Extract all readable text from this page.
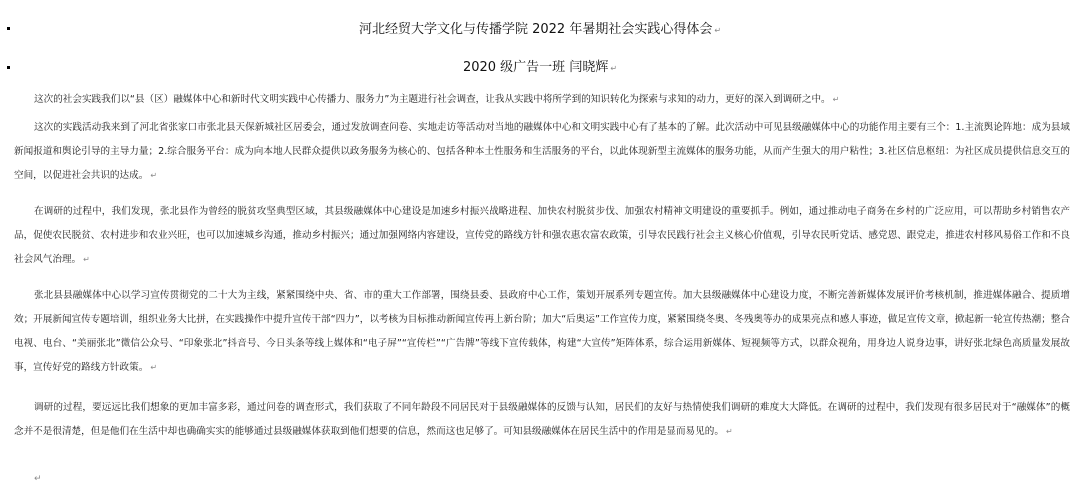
河北经贸大学文化与传播学院 2022 年暑期社会实践心得体会 ↵
2020 级广告一班 闫晓辉 ↵
这次的社会实践我们以“县（区）融媒体中心和新时代文明实践中心传播力、服务力”为主题进行社会调查，让我从实践中将所学到的知识转化为探索与求知的动力，更好的深入到调研之中。 ↵
这次的实践活动我来到了河北省张家口市张北县天保新城社区居委会，通过发放调查问卷、实地走访等活动对当地的融媒体中心和文明实践中心有了基本的了解。此次活动中可见县级融媒体中心的功能作用主要有三个：1.主流舆论阵地：成为县域新闻报道和舆论引导的主导力量；2.综合服务平台：成为向本地人民群众提供以政务服务为核心的、包括各种本土性服务和生活服务的平台，以此体现新型主流媒体的服务功能，从而产生强大的用户粘性；3.社区信息枢纽：为社区成员提供信息交互的空间，以促进社会共识的达成。 ↵
在调研的过程中，我们发现，张北县作为曾经的脱贫攻坚典型区域，其县级融媒体中心建设是加速乡村振兴战略进程、加快农村脱贫步伐、加强农村精神文明建设的重要抓手。例如，通过推动电子商务在乡村的广泛应用，可以帮助乡村销售农产品，促使农民脱贫、农村进步和农业兴旺，也可以加速城乡沟通，推动乡村振兴；通过加强网络内容建设，宣传党的路线方针和强农惠农富农政策，引导农民践行社会主义核心价值观，引导农民听党话、感党恩、跟党走，推进农村移风易俗工作和不良社会风气治理。 ↵
张北县县融媒体中心以学习宣传贯彻党的二十大为主线，紧紧围绕中央、省、市的重大工作部署，围绕县委、县政府中心工作，策划开展系列专题宣传。加大县级融媒体中心建设力度，不断完善新媒体发展评价考核机制，推进媒体融合、提质增效；开展新闻宣传专题培训，组织业务大比拼，在实践操作中提升宣传干部“四力”，以考核为目标推动新闻宣传再上新台阶；加大“后奥运”工作宣传力度，紧紧围绕冬奥、冬残奥等办的成果亮点和感人事迹，做足宣传文章，掀起新一轮宣传热潮；整合电视、电台、“美丽张北”微信公众号、“印象张北”抖音号、今日头条等线上媒体和“电子屏”“宣传栏”“广告牌”等线下宣传载体，构建“大宣传”矩阵体系，综合运用新媒体、短视频等方式，以群众视角，用身边人说身边事，讲好张北绿色高质量发展故事，宣传好党的路线方针政策。 ↵
调研的过程，要远远比我们想象的更加丰富多彩，通过问卷的调查形式，我们获取了不同年龄段不同居民对于县级融媒体的反馈与认知，居民们的友好与热情使我们调研的难度大大降低。在调研的过程中，我们发现有很多居民对于“融媒体”的概念并不是很清楚，但是他们在生活中却也确确实实的能够通过县级融媒体获取到他们想要的信息，然而这也足够了。可知县级融媒体在居民生活中的作用是显而易见的。 ↵
↵
